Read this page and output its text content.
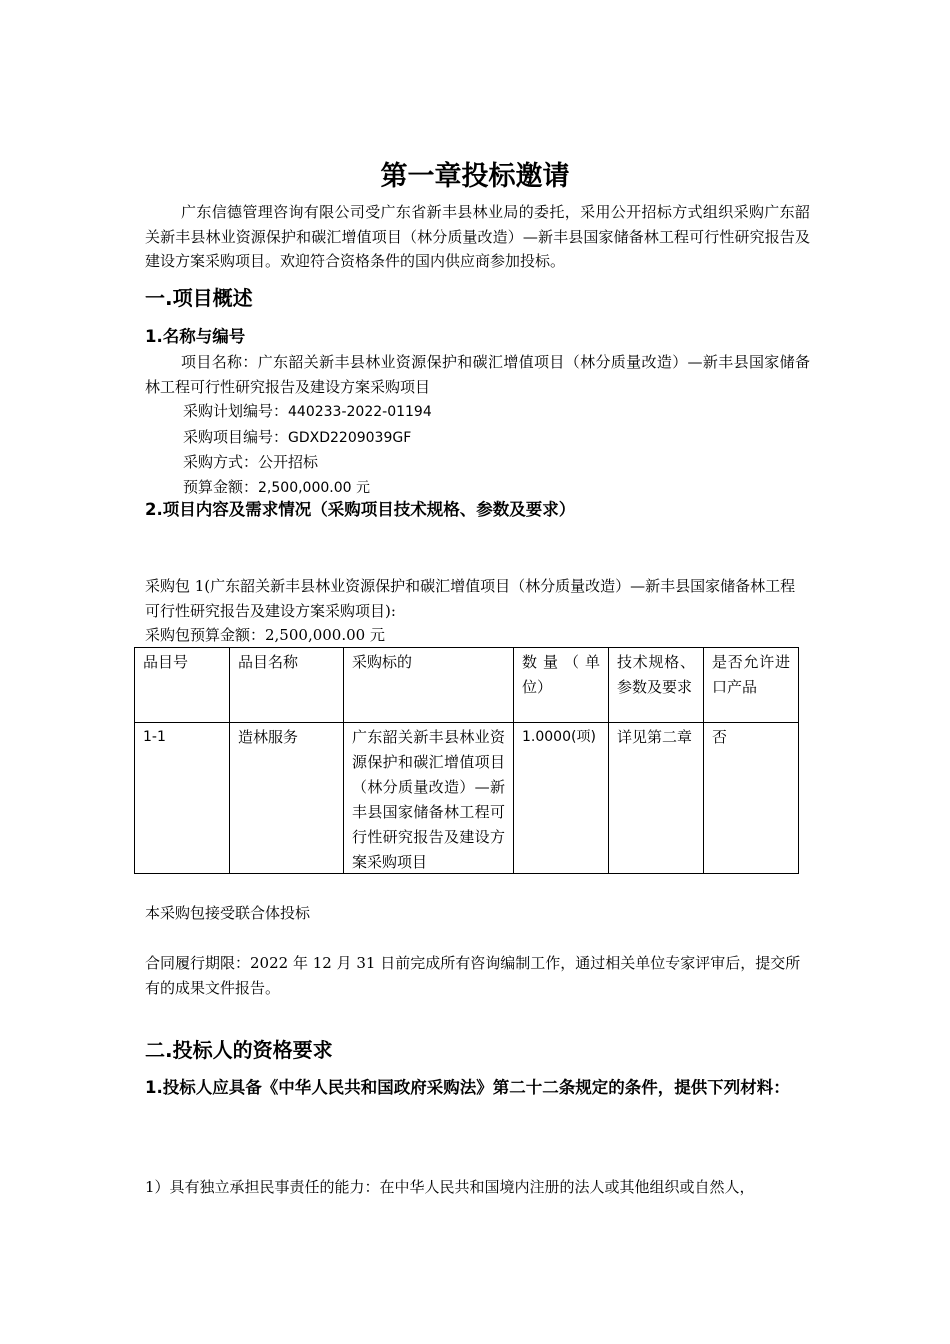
第一章投标邀请

广东信德管理咨询有限公司受广东省新丰县林业局的委托，采用公开招标方式组织采购广东韶关新丰县林业资源保护和碳汇增值项目（林分质量改造）—新丰县国家储备林工程可行性研究报告及建设方案采购项目。欢迎符合资格条件的国内供应商参加投标。

一.项目概述

1.名称与编号

项目名称：广东韶关新丰县林业资源保护和碳汇增值项目（林分质量改造）—新丰县国家储备林工程可行性研究报告及建设方案采购项目

采购计划编号：440233-2022-01194

采购项目编号：GDXD2209039GF

采购方式：公开招标

预算金额：2,500,000.00 元

2.项目内容及需求情况（采购项目技术规格、参数及要求）

采购包 1(广东韶关新丰县林业资源保护和碳汇增值项目（林分质量改造）—新丰县国家储备林工程可行性研究报告及建设方案采购项目):

采购包预算金额：2,500,000.00 元

品目号	品目名称	采购标的	数量（单位）	技术规格、参数及要求	是否允许进口产品

1-1	造林服务	广东韶关新丰县林业资源保护和碳汇增值项目（林分质量改造）—新丰县国家储备林工程可行性研究报告及建设方案采购项目	1.0000(项)	详见第二章	否

本采购包接受联合体投标

合同履行期限：2022 年 12 月 31 日前完成所有咨询编制工作，通过相关单位专家评审后，提交所有的成果文件报告。

二.投标人的资格要求

1.投标人应具备《中华人民共和国政府采购法》第二十二条规定的条件，提供下列材料：

1）具有独立承担民事责任的能力：在中华人民共和国境内注册的法人或其他组织或自然人，
